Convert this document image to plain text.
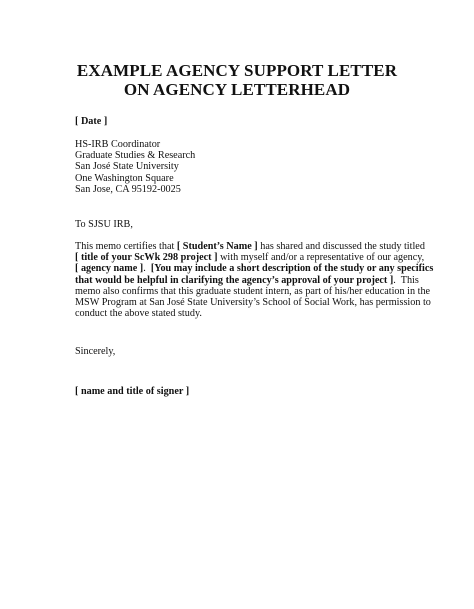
EXAMPLE AGENCY SUPPORT LETTER
ON AGENCY LETTERHEAD
[ Date ]
HS-IRB Coordinator
Graduate Studies & Research
San José State University
One Washington Square
San Jose, CA 95192-0025
To SJSU IRB,
This memo certifies that [ Student’s Name ] has shared and discussed the study titled
[ title of your ScWk 298 project ] with myself and/or a representative of our agency,
[ agency name ].  [You may include a short description of the study or any specifics
that would be helpful in clarifying the agency’s approval of your project ].  This
memo also confirms that this graduate student intern, as part of his/her education in the
MSW Program at San José State University’s School of Social Work, has permission to
conduct the above stated study.
Sincerely,
[ name and title of signer ]
